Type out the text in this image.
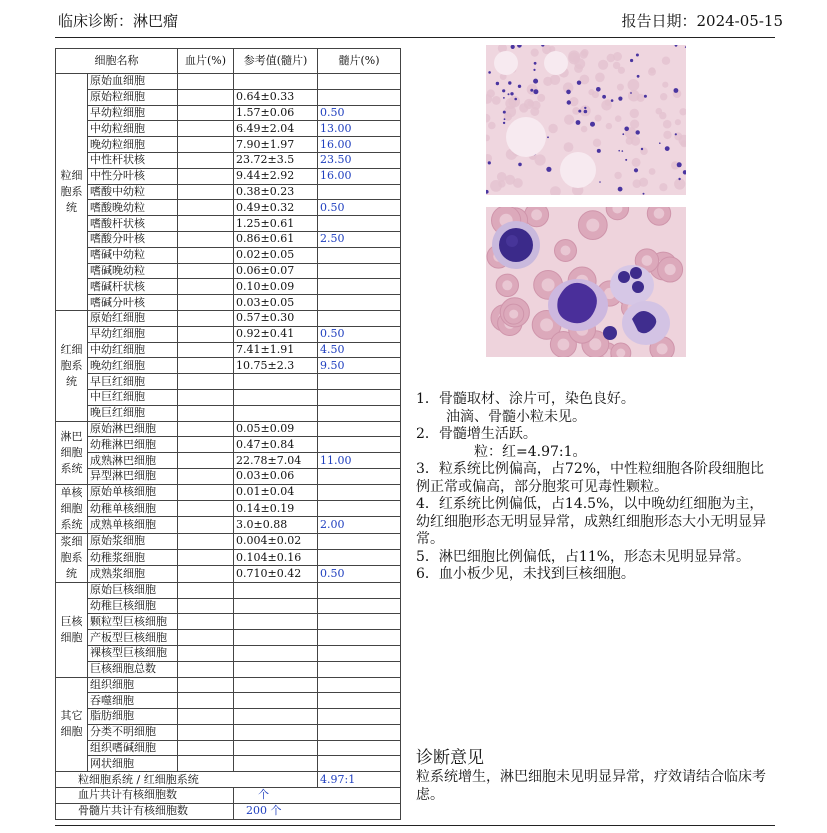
临床诊断：淋巴瘤	报告日期：2024-05-15
细胞名称		血片(%)	参考值(髓片)	髓片(%)
粒细胞系统	原始血细胞			
	原始粒细胞		0.64±0.33	
	早幼粒细胞		1.57±0.06	0.50
	中幼粒细胞		6.49±2.04	13.00
	晚幼粒细胞		7.90±1.97	16.00
	中性杆状核		23.72±3.5	23.50
	中性分叶核		9.44±2.92	16.00
	嗜酸中幼粒		0.38±0.23	
	嗜酸晚幼粒		0.49±0.32	0.50
	嗜酸杆状核		1.25±0.61	
	嗜酸分叶核		0.86±0.61	2.50
	嗜碱中幼粒		0.02±0.05	
	嗜碱晚幼粒		0.06±0.07	
	嗜碱杆状核		0.10±0.09	
	嗜碱分叶核		0.03±0.05	
红细胞系统	原始红细胞		0.57±0.30	
	早幼红细胞		0.92±0.41	0.50
	中幼红细胞		7.41±1.91	4.50
	晚幼红细胞		10.75±2.3	9.50
	早巨红细胞			
	中巨红细胞			
	晚巨红细胞			
淋巴细胞系统	原始淋巴细胞		0.05±0.09	
	幼稚淋巴细胞		0.47±0.84	
	成熟淋巴细胞		22.78±7.04	11.00
	异型淋巴细胞		0.03±0.06	
单核细胞系统	原始单核细胞		0.01±0.04	
	幼稚单核细胞		0.14±0.19	
	成熟单核细胞		3.0±0.88	2.00
浆细胞系统	原始浆细胞		0.004±0.02	
	幼稚浆细胞		0.104±0.16	
	成熟浆细胞		0.710±0.42	0.50
巨核细胞	原始巨核细胞			
	幼稚巨核细胞			
	颗粒型巨核细胞			
	产板型巨核细胞			
	裸核型巨核细胞			
	巨核细胞总数			
其它细胞	组织细胞			
	吞噬细胞			
	脂肪细胞			
	分类不明细胞			
	组织嗜碱细胞			
	网状细胞			
粒细胞系统 / 红细胞系统				4.97:1
血片共计有核细胞数			个	
骨髓片共计有核细胞数			200 个	

1．骨髓取材、涂片可，染色良好。

油滴、骨髓小粒未见。

2．骨髓增生活跃。

粒：红=4.97:1。

3．粒系统比例偏高，占72%，中性粒细胞各阶段细胞比例正常或偏高，部分胞浆可见毒性颗粒。

4．红系统比例偏低，占14.5%，以中晚幼红细胞为主，幼红细胞形态无明显异常，成熟红细胞形态大小无明显异常。

5．淋巴细胞比例偏低，占11%，形态未见明显异常。

6．血小板少见，未找到巨核细胞。

诊断意见
粒系统增生，淋巴细胞未见明显异常，疗效请结合临床考虑。
